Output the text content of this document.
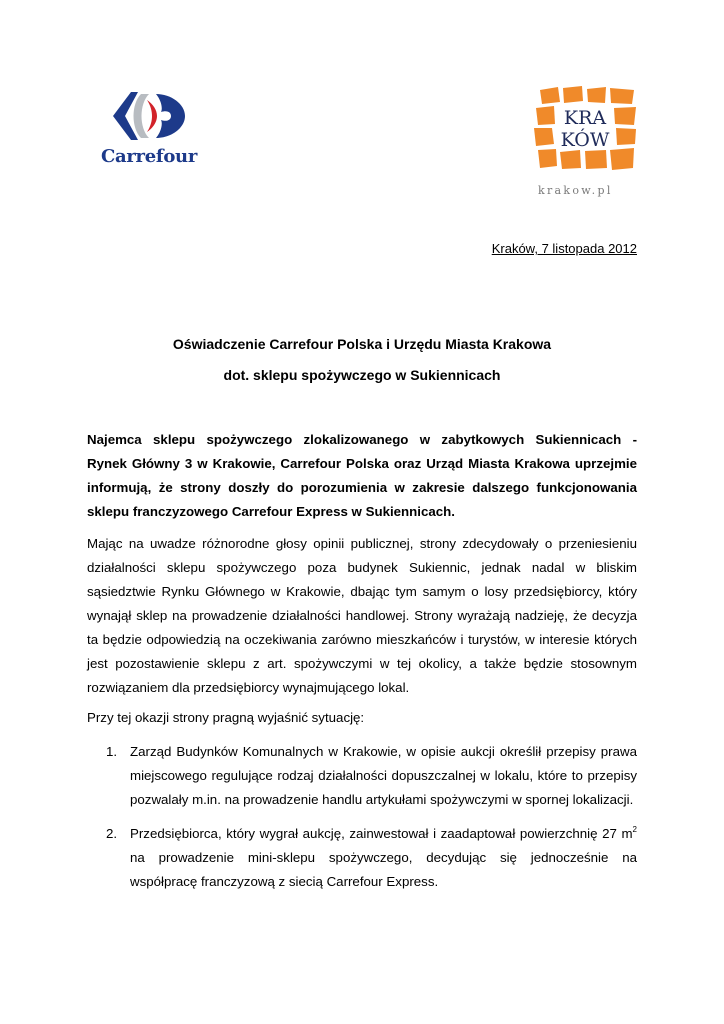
Carrefour
KRA
KÓW
krakow.pl
Kraków, 7 listopada 2012
Oświadczenie Carrefour Polska i Urzędu Miasta Krakowa
dot. sklepu spożywczego w Sukiennicach
Najemca sklepu spożywczego zlokalizowanego w zabytkowych Sukiennicach -
Rynek Główny 3 w Krakowie, Carrefour Polska oraz Urząd Miasta Krakowa uprzejmie
informują, że strony doszły do porozumienia w zakresie dalszego funkcjonowania
sklepu franczyzowego Carrefour Express w Sukiennicach.
Mając na uwadze różnorodne głosy opinii publicznej, strony zdecydowały o przeniesieniu
działalności sklepu spożywczego poza budynek Sukiennic, jednak nadal w bliskim
sąsiedztwie Rynku Głównego w Krakowie, dbając tym samym o losy przedsiębiorcy, który
wynajął sklep na prowadzenie działalności handlowej. Strony wyrażają nadzieję, że decyzja
ta będzie odpowiedzią na oczekiwania zarówno mieszkańców i turystów, w interesie których
jest pozostawienie sklepu z art. spożywczymi w tej okolicy, a także będzie stosownym
rozwiązaniem dla przedsiębiorcy wynajmującego lokal.
Przy tej okazji strony pragną wyjaśnić sytuację:
1. Zarząd Budynków Komunalnych w Krakowie, w opisie aukcji określił przepisy prawa
miejscowego regulujące rodzaj działalności dopuszczalnej w lokalu, które to przepisy
pozwalały m.in. na prowadzenie handlu artykułami spożywczymi w spornej lokalizacji.
2. Przedsiębiorca, który wygrał aukcję, zainwestował i zaadaptował powierzchnię 27 $m^2$
na prowadzenie mini-sklepu spożywczego, decydując się jednocześnie na
współpracę franczyzową z siecią Carrefour Express.
